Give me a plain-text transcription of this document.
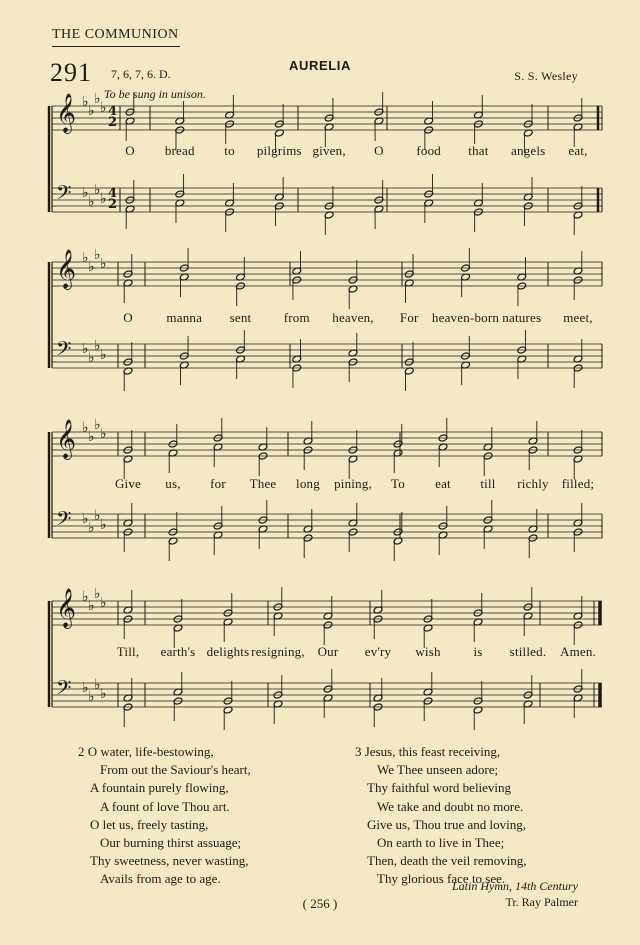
THE COMMUNION
291 7, 6, 7, 6. D.
AURELIA
S. S. Wesley
To be sung in unison.
𝄞
𝄢
♭
♭
♭
♭
♭
♭
♭
♭
4
2
4
2
𝄞
𝄢
♭
♭
♭
♭
♭
♭
♭
♭
𝄞
𝄢
♭
♭
♭
♭
♭
♭
♭
♭
𝄞
𝄢
♭
♭
♭
♭
♭
♭
♭
♭
O bread to pilgrims given, O	food that angels eat,
O	manna sent from heaven, For heaven-born natures meet,
Give us, for Thee long pining, To eat till richly filled;
Till, earth's delights resigning, Our ev'ry wish	is stilled. Amen.
2 O water, life-bestowing,
From out the Saviour's heart,
A fountain purely flowing,
A fount of love Thou art.
O let us, freely tasting,
Our burning thirst assuage;
Thy sweetness, never wasting,
Avails from age to age.
3 Jesus, this feast receiving,
We Thee unseen adore;
Thy faithful word believing
We take and doubt no more.
Give us, Thou true and loving,
On earth to live in Thee;
Then, death the veil removing,
Thy glorious face to see.
Latin Hymn, 14th Century
Tr. Ray Palmer
( 256 )
